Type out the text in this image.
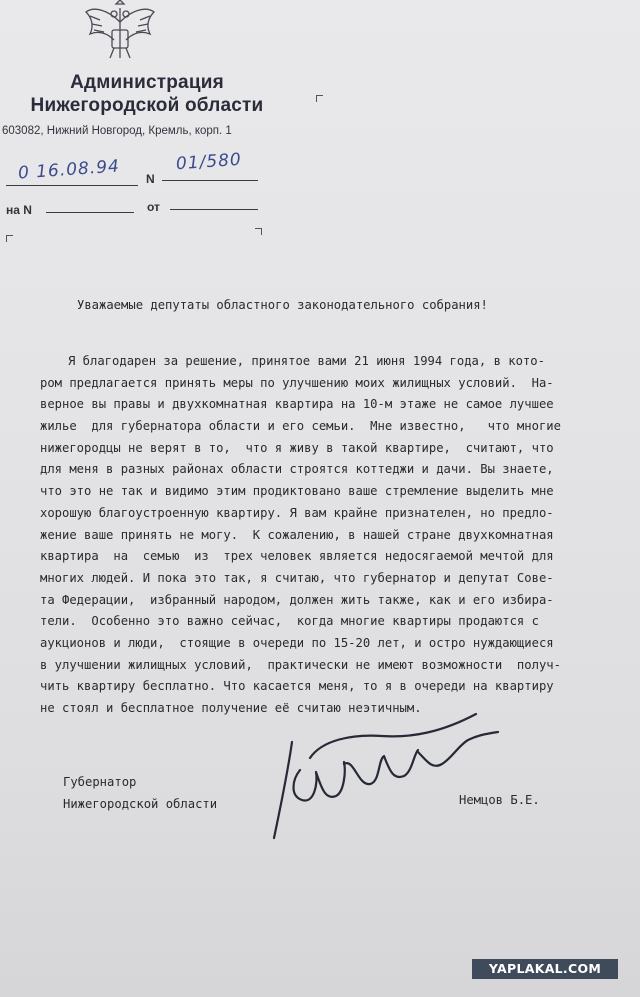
Администрация
Нижегородской области
603082, Нижний Новгород, Кремль, корп. 1
0 16.08.94 N
01/580
на N	от
Уважаемые депутаты областного законодательного собрания!
Я благодарен за решение, принятое вами 21 июня 1994 года, в кото-
ром предлагается принять меры по улучшению моих жилищных условий.  На-
верное вы правы и двухкомнатная квартира на 10-м этаже не самое лучшее
жилье  для губернатора области и его семьи.  Мне известно,   что многие
нижегородцы не верят в то,  что я живу в такой квартире,  считают, что
для меня в разных районах области строятся коттеджи и дачи. Вы знаете,
что это не так и видимо этим продиктовано ваше стремление выделить мне
хорошую благоустроенную квартиру. Я вам крайне признателен, но предло-
жение ваше принять не могу.  К сожалению, в нашей стране двухкомнатная
квартира  на  семью  из  трех человек является недосягаемой мечтой для
многих людей. И пока это так, я считаю, что губернатор и депутат Сове-
та Федерации,  избранный народом, должен жить также, как и его избира-
тели.  Особенно это важно сейчас,  когда многие квартиры продаются с
аукционов и люди,  стоящие в очереди по 15-20 лет, и остро нуждающиеся
в улучшении жилищных условий,  практически не имеют возможности  получ-
чить квартиру бесплатно. Что касается меня, то я в очереди на квартиру
не стоял и бесплатное получение её считаю неэтичным.
Губернатор
Нижегородской области	Немцов Б.Е.
YAPLAKAL.COM
